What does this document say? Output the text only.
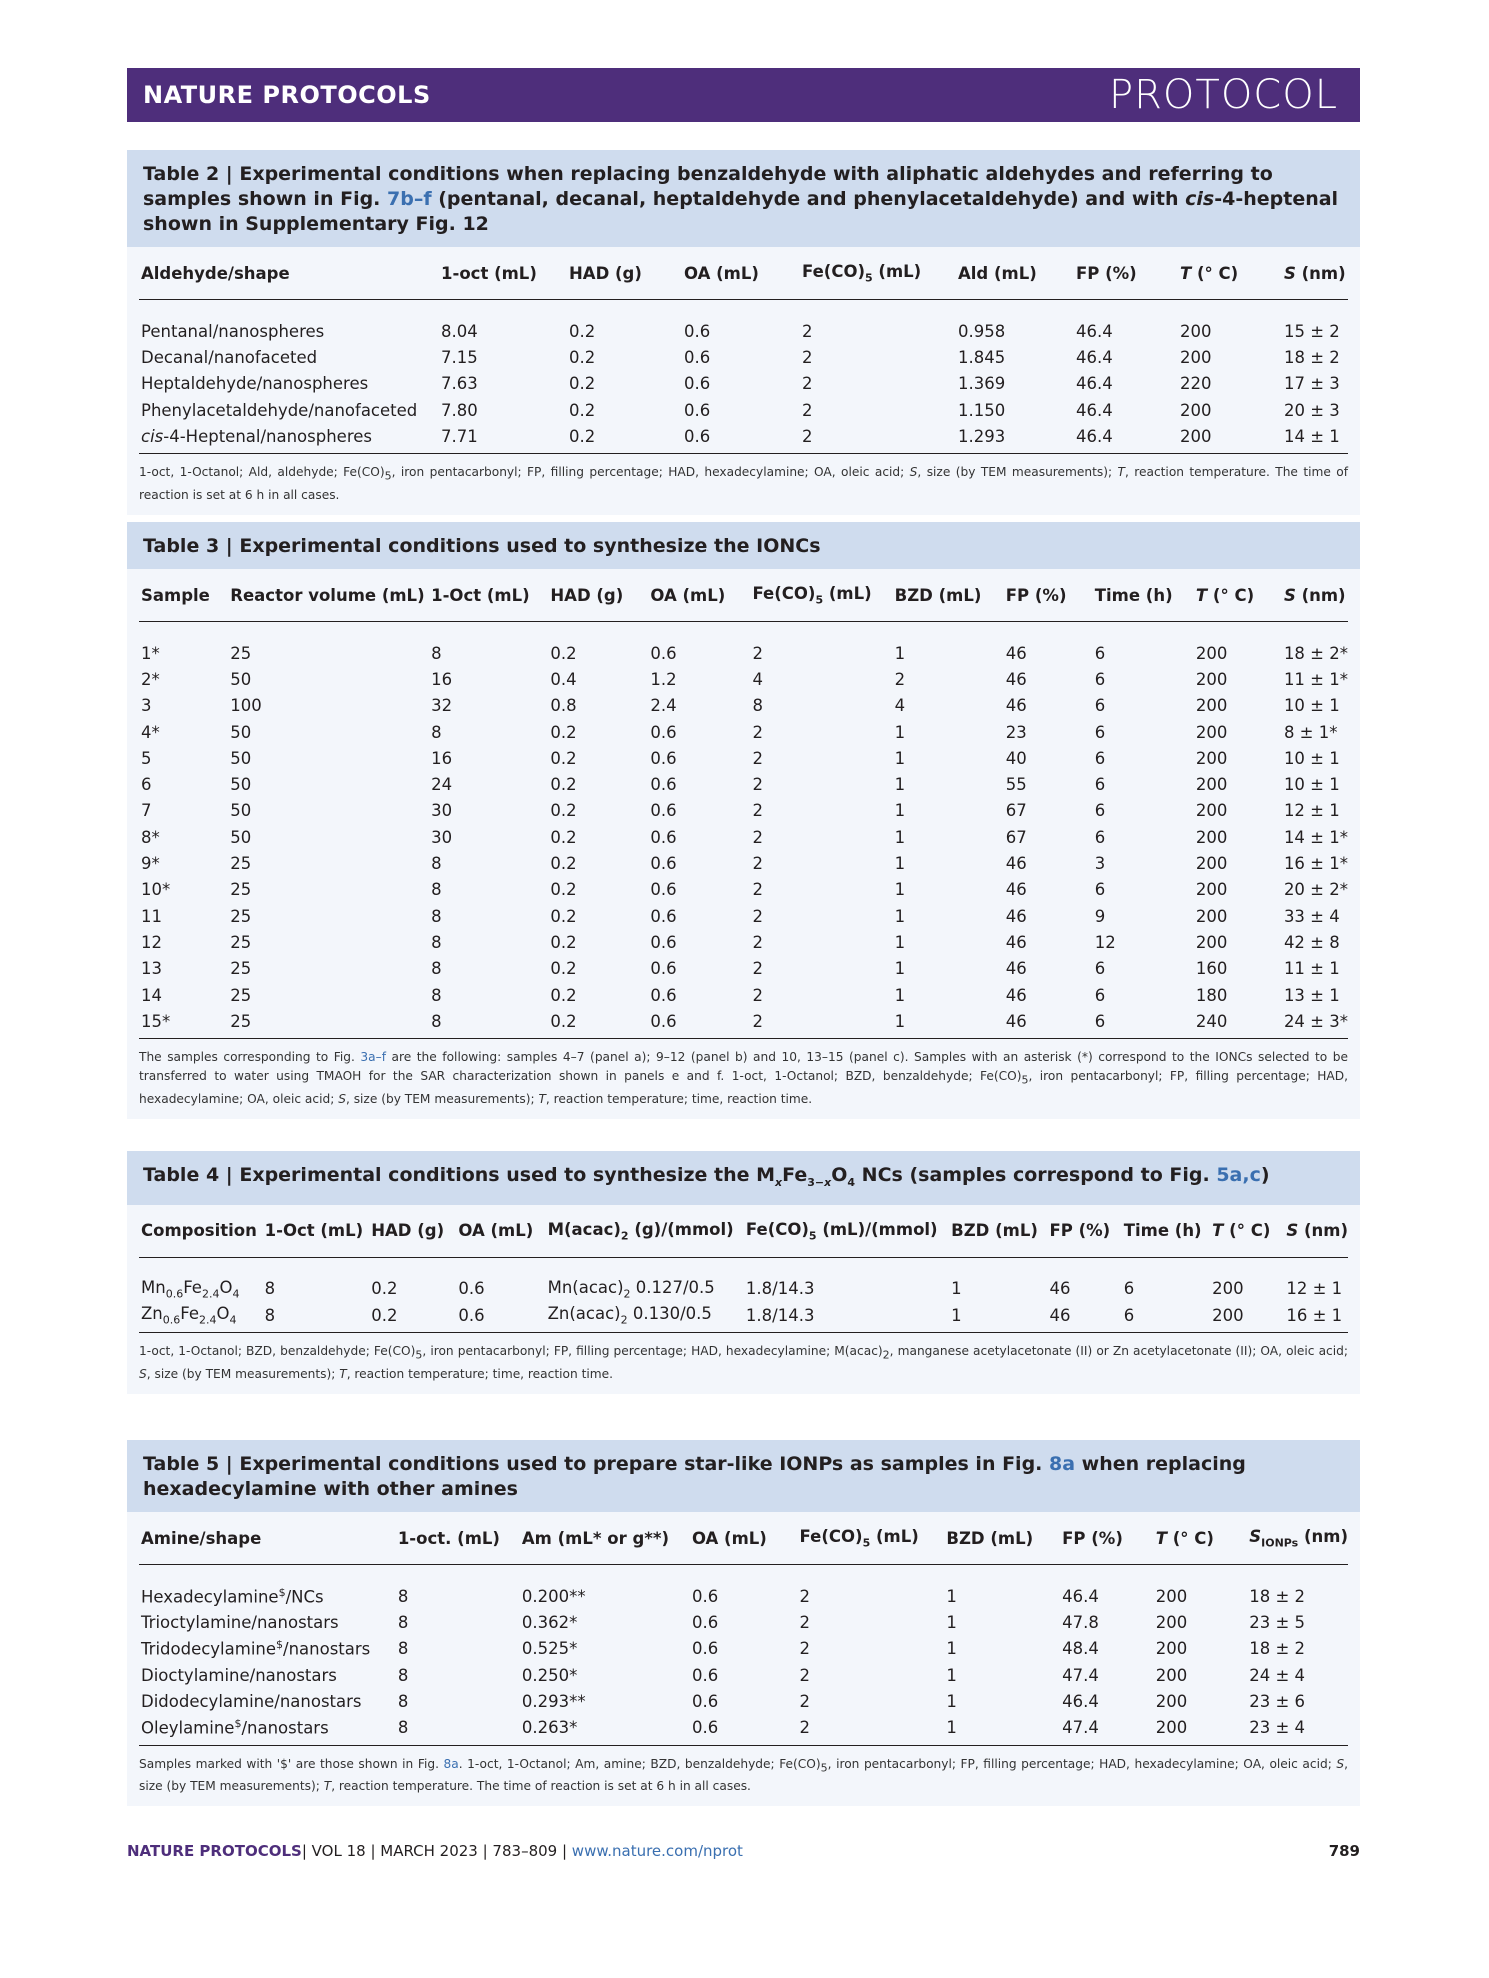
NATURE PROTOCOLS	PROTOCOL
Table 2 | Experimental conditions when replacing benzaldehyde with aliphatic aldehydes and referring to samples shown in Fig. 7b–f (pentanal, decanal, heptaldehyde and phenylacetaldehyde) and with cis-4-heptenal shown in Supplementary Fig. 12
Aldehyde/shape	1-oct (mL)	HAD (g)	OA (mL)	$Fe(CO)_5$ (mL)	Ald (mL)	FP (%)	T (° C)	S (nm)
Pentanal/nanospheres	8.04	0.2	0.6	2	0.958	46.4	200	15 ± 2
Decanal/nanofaceted	7.15	0.2	0.6	2	1.845	46.4	200	18 ± 2
Heptaldehyde/nanospheres	7.63	0.2	0.6	2	1.369	46.4	220	17 ± 3
Phenylacetaldehyde/nanofaceted	7.80	0.2	0.6	2	1.150	46.4	200	20 ± 3
cis-4-Heptenal/nanospheres	7.71	0.2	0.6	2	1.293	46.4	200	14 ± 1
1-oct, 1-Octanol; Ald, aldehyde; $Fe(CO)_5$, iron pentacarbonyl; FP, filling percentage; HAD, hexadecylamine; OA, oleic acid; S, size (by TEM measurements); T, reaction temperature. The time of reaction is set at 6 h in all cases.
Table 3 | Experimental conditions used to synthesize the IONCs
Sample	Reactor volume (mL)	1-Oct (mL)	HAD (g)	OA (mL)	$Fe(CO)_5$ (mL)	BZD (mL)	FP (%)	Time (h)	T (° C)	S (nm)
1*	25	8	0.2	0.6	2	1	46	6	200	18 ± 2*
2*	50	16	0.4	1.2	4	2	46	6	200	11 ± 1*
3	100	32	0.8	2.4	8	4	46	6	200	10 ± 1
4*	50	8	0.2	0.6	2	1	23	6	200	8 ± 1*
5	50	16	0.2	0.6	2	1	40	6	200	10 ± 1
6	50	24	0.2	0.6	2	1	55	6	200	10 ± 1
7	50	30	0.2	0.6	2	1	67	6	200	12 ± 1
8*	50	30	0.2	0.6	2	1	67	6	200	14 ± 1*
9*	25	8	0.2	0.6	2	1	46	3	200	16 ± 1*
10*	25	8	0.2	0.6	2	1	46	6	200	20 ± 2*
11	25	8	0.2	0.6	2	1	46	9	200	33 ± 4
12	25	8	0.2	0.6	2	1	46	12	200	42 ± 8
13	25	8	0.2	0.6	2	1	46	6	160	11 ± 1
14	25	8	0.2	0.6	2	1	46	6	180	13 ± 1
15*	25	8	0.2	0.6	2	1	46	6	240	24 ± 3*
The samples corresponding to Fig. 3a–f are the following: samples 4–7 (panel a); 9–12 (panel b) and 10, 13–15 (panel c). Samples with an asterisk (*) correspond to the IONCs selected to be transferred to water using TMAOH for the SAR characterization shown in panels e and f. 1-oct, 1-Octanol; BZD, benzaldehyde; $Fe(CO)_5$, iron pentacarbonyl; FP, filling percentage; HAD, hexadecylamine; OA, oleic acid; S, size (by TEM measurements); T, reaction temperature; time, reaction time.
Table 4 | Experimental conditions used to synthesize the $M_xFe_{3-x}O_4$ NCs (samples correspond to Fig. 5a,c)
Composition	1-Oct (mL)	HAD (g)	OA (mL)	$M(acac)_2$ (g)/(mmol)	$Fe(CO)_5$ (mL)/(mmol)	BZD (mL)	FP (%)	Time (h)	T (° C)	S (nm)
$Mn_{0.6}Fe_{2.4}O_4$	8	0.2	0.6	$Mn(acac)_2$ 0.127/0.5	1.8/14.3	1	46	6	200	12 ± 1
$Zn_{0.6}Fe_{2.4}O_4$	8	0.2	0.6	$Zn(acac)_2$ 0.130/0.5	1.8/14.3	1	46	6	200	16 ± 1
1-oct, 1-Octanol; BZD, benzaldehyde; $Fe(CO)_5$, iron pentacarbonyl; FP, filling percentage; HAD, hexadecylamine; $M(acac)_2$, manganese acetylacetonate (II) or Zn acetylacetonate (II); OA, oleic acid; S, size (by TEM measurements); T, reaction temperature; time, reaction time.
Table 5 | Experimental conditions used to prepare star-like IONPs as samples in Fig. 8a when replacing hexadecylamine with other amines
Amine/shape	1-oct. (mL)	Am (mL* or g**)	OA (mL)	$Fe(CO)_5$ (mL)	BZD (mL)	FP (%)	T (° C)	$S_{IONPs}$ (nm)
Hexadecylamine$/NCs	8	0.200**	0.6	2	1	46.4	200	18 ± 2
Trioctylamine/nanostars	8	0.362*	0.6	2	1	47.8	200	23 ± 5
Tridodecylamine$/nanostars	8	0.525*	0.6	2	1	48.4	200	18 ± 2
Dioctylamine/nanostars	8	0.250*	0.6	2	1	47.4	200	24 ± 4
Didodecylamine/nanostars	8	0.293**	0.6	2	1	46.4	200	23 ± 6
Oleylamine$/nanostars	8	0.263*	0.6	2	1	47.4	200	23 ± 4
Samples marked with '$' are those shown in Fig. 8a. 1-oct, 1-Octanol; Am, amine; BZD, benzaldehyde; $Fe(CO)_5$, iron pentacarbonyl; FP, filling percentage; HAD, hexadecylamine; OA, oleic acid; S, size (by TEM measurements); T, reaction temperature. The time of reaction is set at 6 h in all cases.
NATURE PROTOCOLS| VOL 18 | MARCH 2023 | 783–809 | www.nature.com/nprot	789
